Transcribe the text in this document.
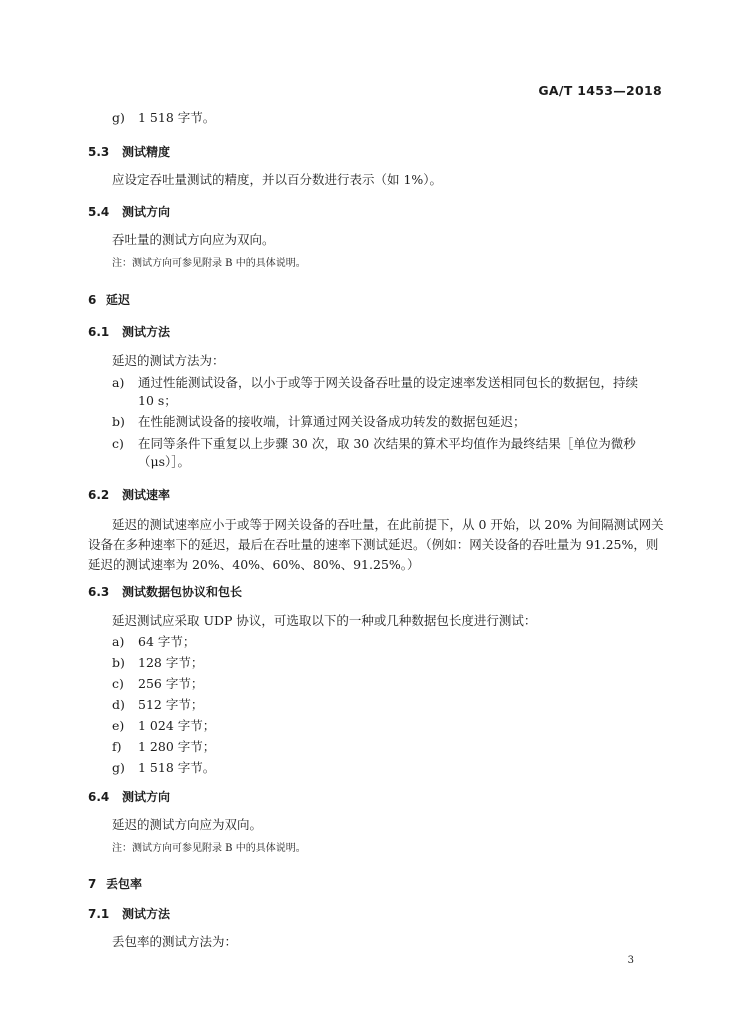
GA/T 1453—2018
g) 1 518 字节。
5.3 测试精度
应设定吞吐量测试的精度，并以百分数进行表示（如 1%）。
5.4 测试方向
吞吐量的测试方向应为双向。
注：测试方向可参见附录 B 中的具体说明。
6 延迟
6.1 测试方法
延迟的测试方法为：
a) 通过性能测试设备，以小于或等于网关设备吞吐量的设定速率发送相同包长的数据包，持续
10 s；
b) 在性能测试设备的接收端，计算通过网关设备成功转发的数据包延迟；
c) 在同等条件下重复以上步骤 30 次，取 30 次结果的算术平均值作为最终结果［单位为微秒
（μs）］。
6.2 测试速率
延迟的测试速率应小于或等于网关设备的吞吐量，在此前提下，从 0 开始，以 20% 为间隔测试网关
设备在多种速率下的延迟，最后在吞吐量的速率下测试延迟。（例如：网关设备的吞吐量为 91.25%，则
延迟的测试速率为 20%、40%、60%、80%、91.25%。）
6.3 测试数据包协议和包长
延迟测试应采取 UDP 协议，可选取以下的一种或几种数据包长度进行测试：
a) 64 字节；
b) 128 字节；
c) 256 字节；
d) 512 字节；
e) 1 024 字节；
f) 1 280 字节；
g) 1 518 字节。
6.4 测试方向
延迟的测试方向应为双向。
注：测试方向可参见附录 B 中的具体说明。
7 丢包率
7.1 测试方法
丢包率的测试方法为：
3
